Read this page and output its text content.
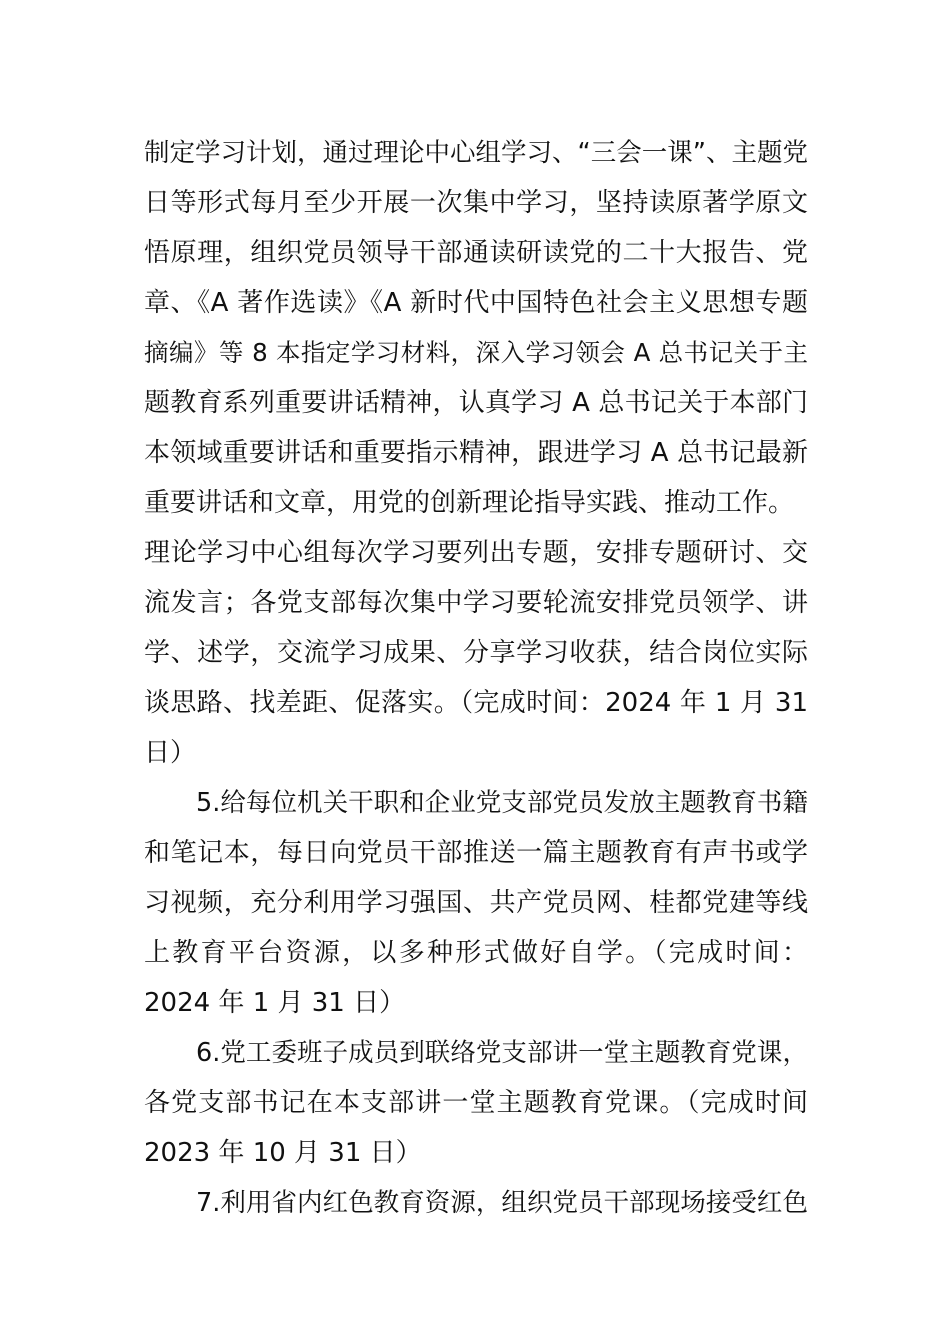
制定学习计划，通过理论中心组学习、“三会一课”、主题党
日等形式每月至少开展一次集中学习，坚持读原著学原文
悟原理，组织党员领导干部通读研读党的二十大报告、党
章、《A 著作选读》《A 新时代中国特色社会主义思想专题
摘编》等 8 本指定学习材料，深入学习领会 A 总书记关于主
题教育系列重要讲话精神，认真学习 A 总书记关于本部门
本领域重要讲话和重要指示精神，跟进学习 A 总书记最新
重要讲话和文章，用党的创新理论指导实践、推动工作。
理论学习中心组每次学习要列出专题，安排专题研讨、交
流发言；各党支部每次集中学习要轮流安排党员领学、讲
学、述学，交流学习成果、分享学习收获，结合岗位实际
谈思路、找差距、促落实。（完成时间：2024 年 1 月 31
日）
5.给每位机关干职和企业党支部党员发放主题教育书籍
和笔记本，每日向党员干部推送一篇主题教育有声书或学
习视频，充分利用学习强国、共产党员网、桂都党建等线
上教育平台资源，以多种形式做好自学。（完成时间：
2024 年 1 月 31 日）
6.党工委班子成员到联络党支部讲一堂主题教育党课，
各党支部书记在本支部讲一堂主题教育党课。（完成时间
2023 年 10 月 31 日）
7.利用省内红色教育资源，组织党员干部现场接受红色
